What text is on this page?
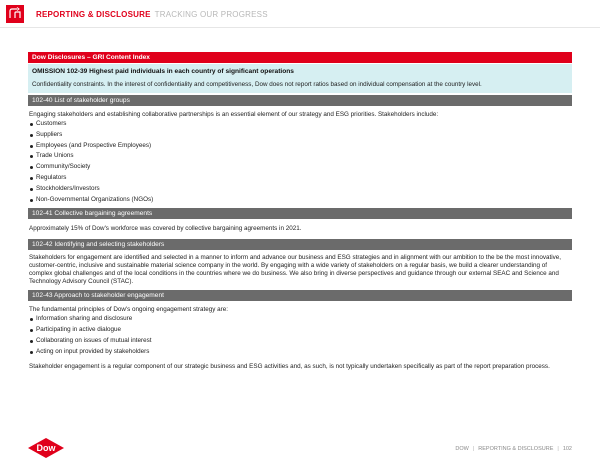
REPORTING & DISCLOSURE TRACKING OUR PROGRESS
Dow Disclosures – GRI Content Index
OMISSION 102-39 Highest paid individuals in each country of significant operations
Confidentiality constraints. In the interest of confidentiality and competitiveness, Dow does not report ratios based on individual compensation at the country level.
102-40 List of stakeholder groups
Engaging stakeholders and establishing collaborative partnerships is an essential element of our strategy and ESG priorities. Stakeholders include:
Customers
Suppliers
Employees (and Prospective Employees)
Trade Unions
Community/Society
Regulators
Stockholders/Investors
Non-Governmental Organizations (NGOs)
102-41 Collective bargaining agreements
Approximately 15% of Dow's workforce was covered by collective bargaining agreements in 2021.
102-42 Identifying and selecting stakeholders
Stakeholders for engagement are identified and selected in a manner to inform and advance our business and ESG strategies and in alignment with our ambition to the be the most innovative, customer-centric, inclusive and sustainable material science company in the world. By engaging with a wide variety of stakeholders on a regular basis, we build a clearer understanding of complex global challenges and of the local conditions in the countries where we do business. We also bring in diverse perspectives and guidance through our external SEAC and Science and Technology Advisory Council (STAC).
102-43 Approach to stakeholder engagement
The fundamental principles of Dow's ongoing engagement strategy are:
Information sharing and disclosure
Participating in active dialogue
Collaborating on issues of mutual interest
Acting on input provided by stakeholders
Stakeholder engagement is a regular component of our strategic business and ESG activities and, as such, is not typically undertaken specifically as part of the report preparation process.
Dow	DOW | REPORTING & DISCLOSURE | 102
